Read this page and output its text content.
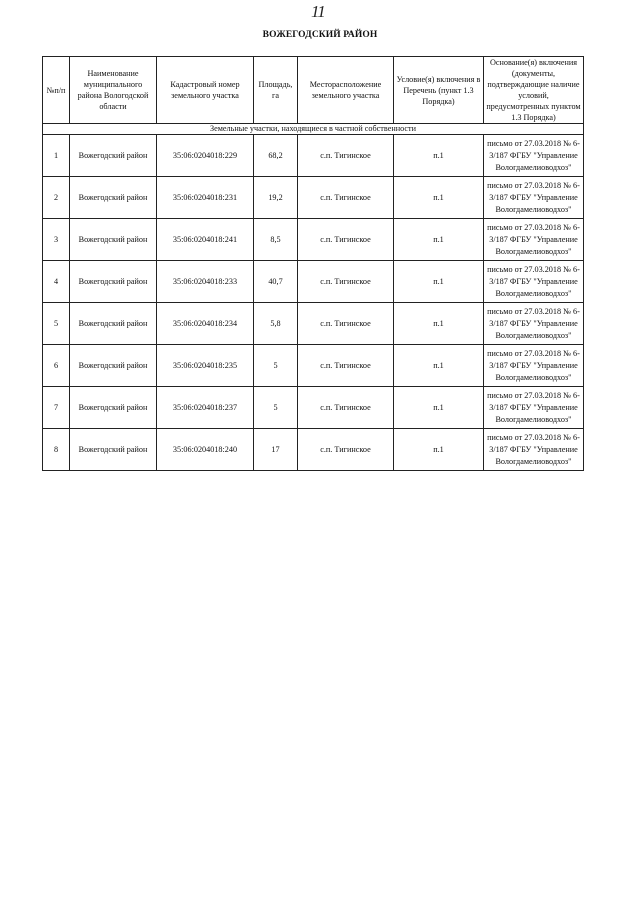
11
ВОЖЕГОДСКИЙ РАЙОН
№п/п	Наименование муниципального района Вологодской области	Кадастровый номер земельного участка	Площадь, га	Месторасположение земельного участка	Условие(я) включения в Перечень (пункт 1.3 Порядка)	Основание(я) включения (документы, подтверждающие наличие условий, предусмотренных пунктом 1.3 Порядка)
Земельные участки, находящиеся в частной собственности						
1	Вожегодский район	35:06:0204018:229	68,2	с.п. Тигинское	п.1	письмо от 27.03.2018 № 6-3/187 ФГБУ "Управление Вологдамелиоводхоз"
2	Вожегодский район	35:06:0204018:231	19,2	с.п. Тигинское	п.1	письмо от 27.03.2018 № 6-3/187 ФГБУ "Управление Вологдамелиоводхоз"
3	Вожегодский район	35:06:0204018:241	8,5	с.п. Тигинское	п.1	письмо от 27.03.2018 № 6-3/187 ФГБУ "Управление Вологдамелиоводхоз"
4	Вожегодский район	35:06:0204018:233	40,7	с.п. Тигинское	п.1	письмо от 27.03.2018 № 6-3/187 ФГБУ "Управление Вологдамелиоводхоз"
5	Вожегодский район	35:06:0204018:234	5,8	с.п. Тигинское	п.1	письмо от 27.03.2018 № 6-3/187 ФГБУ "Управление Вологдамелиоводхоз"
6	Вожегодский район	35:06:0204018:235	5	с.п. Тигинское	п.1	письмо от 27.03.2018 № 6-3/187 ФГБУ "Управление Вологдамелиоводхоз"
7	Вожегодский район	35:06:0204018:237	5	с.п. Тигинское	п.1	письмо от 27.03.2018 № 6-3/187 ФГБУ "Управление Вологдамелиоводхоз"
8	Вожегодский район	35:06:0204018:240	17	с.п. Тигинское	п.1	письмо от 27.03.2018 № 6-3/187 ФГБУ "Управление Вологдамелиоводхоз"
